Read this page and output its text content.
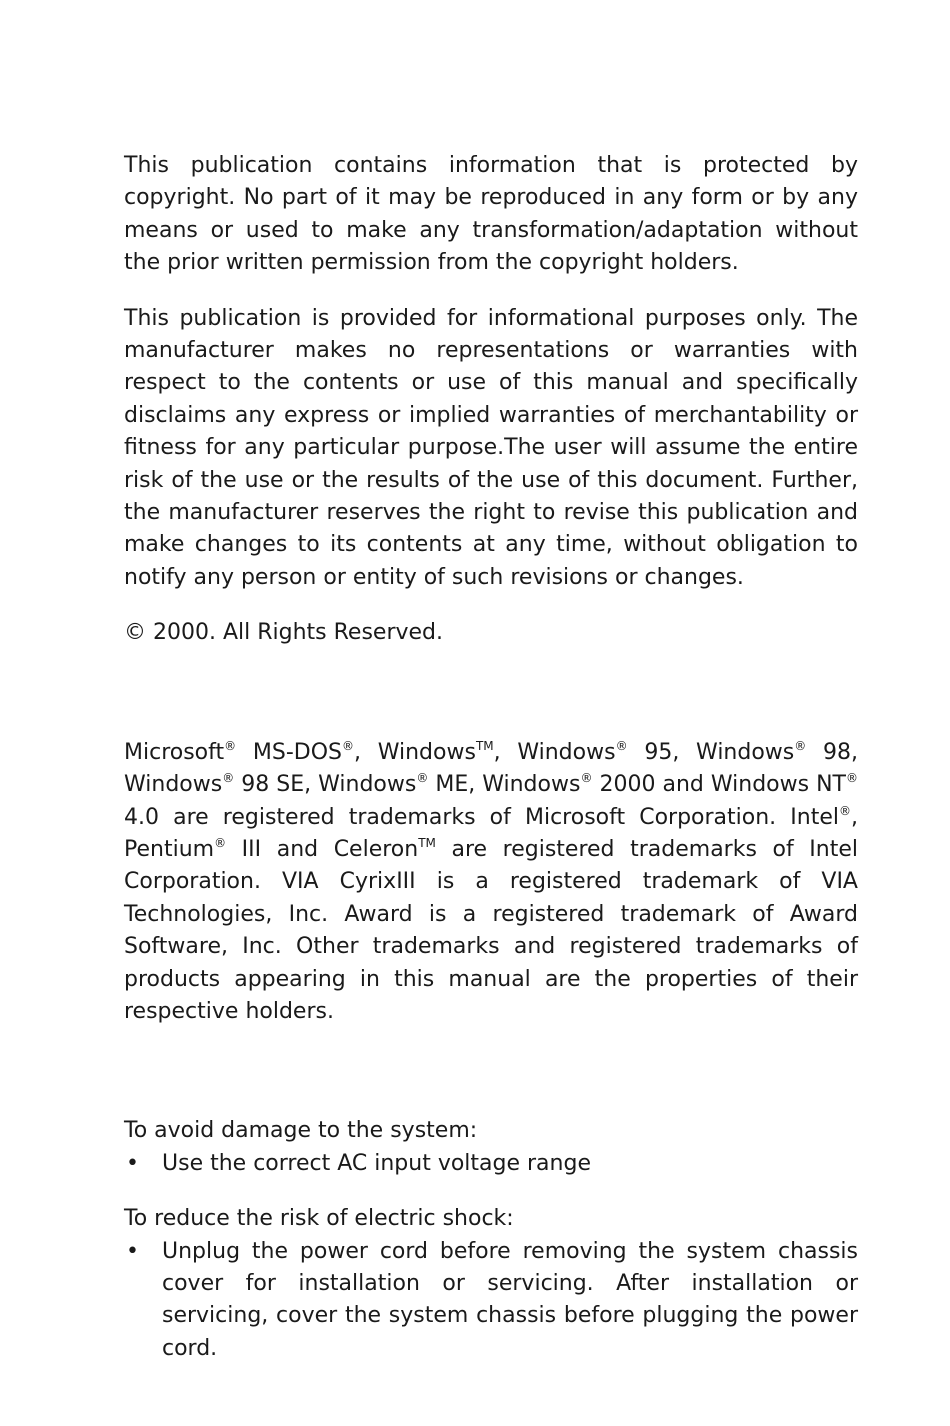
This publication contains information that is protected by copyright. No part of it may be reproduced in any form or by any means or used to make any transformation/adaptation without the prior written permission from the copyright holders.

This publication is provided for informational purposes only. The manufacturer makes no representations or warranties with respect to the contents or use of this manual and specifically disclaims any express or implied warranties of merchantability or fitness for any particular purpose.The user will assume the entire risk of the use or the results of the use of this document. Further, the manufacturer reserves the right to revise this publication and make changes to its contents at any time, without obligation to notify any person or entity of such revisions or changes.

© 2000. All Rights Reserved.

Microsoft® MS-DOS®, Windows™, Windows® 95, Windows® 98, Windows® 98 SE, Windows® ME, Windows® 2000 and Windows NT® 4.0 are registered trademarks of Microsoft Corporation. Intel®, Pentium® III and Celeron™ are registered trademarks of Intel Corporation. VIA CyrixIII is a registered trademark of VIA Technologies, Inc. Award is a registered trademark of Award Software, Inc. Other trademarks and registered trademarks of products appearing in this manual are the properties of their respective holders.

To avoid damage to the system:

•	Use the correct AC input voltage range

To reduce the risk of electric shock:

•	Unplug the power cord before removing the system chassis cover for installation or servicing. After installation or servicing, cover the system chassis before plugging the power cord.
